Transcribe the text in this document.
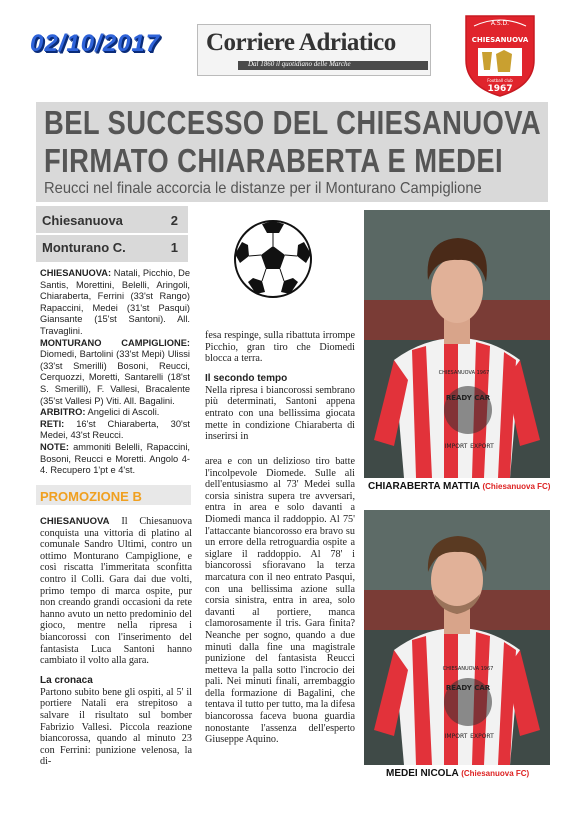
02/10/2017 Corriere Adriatico
Dal 1860 il quotidiano delle Marche
A.S.D.
CHIESANUOVA
Football club
1967
BEL SUCCESSO DEL CHIESANUOVA
FIRMATO CHIARABERTA E MEDEI
Reucci nel finale accorcia le distanze per il Monturano Campiglione
Chiesanuova	2
Monturano C.	1

CHIESANUOVA: Natali, Picchio, De Santis, Morettini, Belelli, Aringoli, Chiaraberta, Ferrini (33'st Rango) Rapaccini, Medei (31'st Pasqui) Giansante (15'st Santoni). All. Travaglini.

MONTURANO CAMPIGLIONE: Diomedi, Bartolini (33'st Mepi) Ulissi (33'st Smerilli) Bosoni, Reucci, Cerquozzi, Moretti, Santarelli (18'st S. Smerilli), F. Vallesi, Bracalente (35'st Vallesi P) Viti. All. Bagalini.

ARBITRO: Angelici di Ascoli.

RETI: 16'st Chiaraberta, 30'st Medei, 43'st Reucci.

NOTE: ammoniti Belelli, Rapaccini, Bosoni, Reucci e Moretti. Angolo 4-4. Recupero 1'pt e 4'st.

PROMOZIONE B

CHIESANUOVA Il Chiesanuova conquista una vittoria di platino al comunale Sandro Ultimi, contro un ottimo Monturano Campiglione, e così riscatta l'immeritata sconfitta contro il Colli. Gara dai due volti, primo tempo di marca ospite, pur non creando grandi occasioni da rete hanno avuto un netto predominio del gioco, mentre nella ripresa i biancorossi con l'inserimento del fantasista Luca Santoni hanno cambiato il volto alla gara.

La cronaca

Partono subito bene gli ospiti, al 5' il portiere Natali era strepitoso a salvare il risultato sul bomber Fabrizio Vallesi. Piccola reazione biancorossa, quando al minuto 23 con Ferrini: punizione velenosa, la di-

fesa respinge, sulla ribattuta irrompe Picchio, gran tiro che Diomedi blocca a terra.

Il secondo tempo

Nella ripresa i biancorossi sembrano più determinati, Santoni appena entrato con una bellissima giocata mette in condizione Chiaraberta di inserirsi in

area e con un delizioso tiro batte l'incolpevole Diomede. Sulle ali dell'entusiasmo al 73' Medei sulla corsia sinistra supera tre avversari, entra in area e solo davanti a Diomedi manca il raddoppio. Al 75' l'attaccante biancorosso era bravo su un errore della retroguardia ospite a siglare il raddoppio. Al 78' i biancorossi sfioravano la terza marcatura con il neo entrato Pasqui, con una bellissima azione sulla corsia sinistra, entra in area, solo davanti al portiere, manca clamorosamente il tris. Gara finita? Neanche per sogno, quando a due minuti dalla fine una magistrale punizione del fantasista Reucci metteva la palla sotto l'incrocio dei pali. Nei minuti finali, arrembaggio della formazione di Bagalini, che tentava il tutto per tutto, ma la difesa biancorossa faceva buona guardia nonostante l'assenza dell'esperto Giuseppe Aquino.

CHIESANUOVA 1967
READY CAR
IMPORT EXPORT
CHIARABERTA MATTIA (Chiesanuova FC)
CHIESANUOVA 1967
READY CAR
IMPORT EXPORT
MEDEI NICOLA (Chiesanuova FC)
